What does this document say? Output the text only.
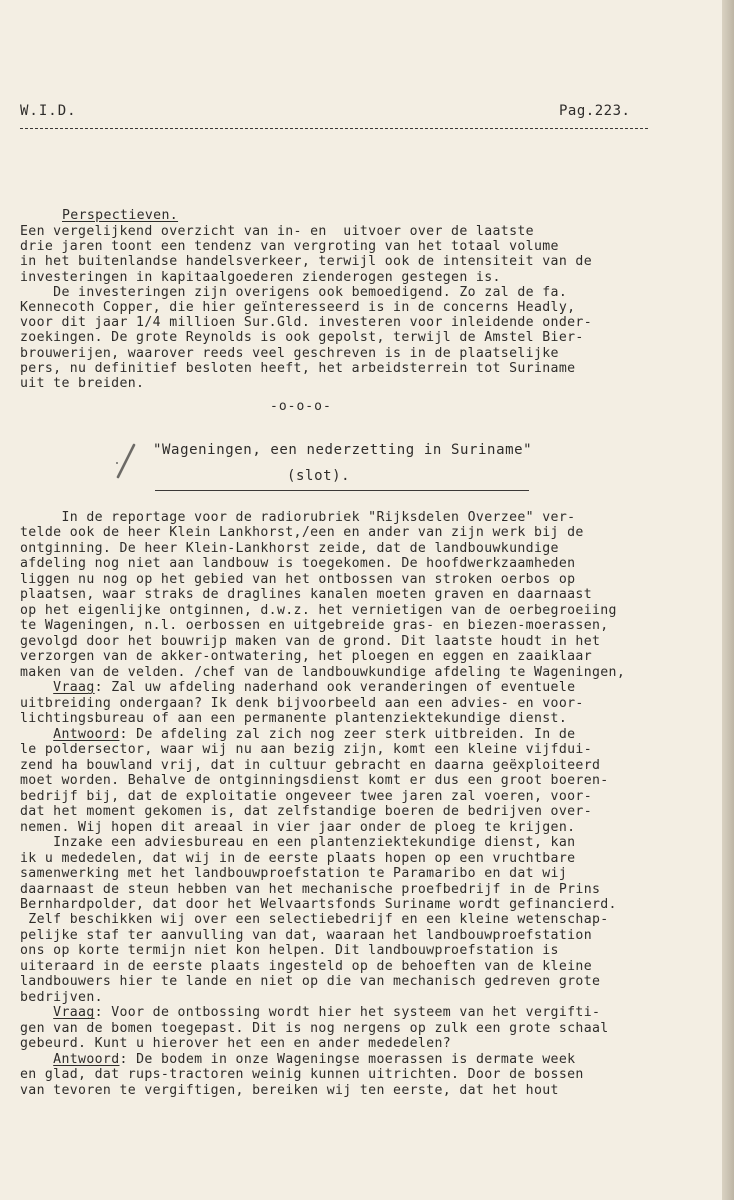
W.I.D.	Pag.223.
Perspectieven.
Een vergelijkend overzicht van in- en  uitvoer over de laatste
drie jaren toont een tendenz van vergroting van het totaal volume
in het buitenlandse handelsverkeer, terwijl ook de intensiteit van de
investeringen in kapitaalgoederen zienderogen gestegen is.
De investeringen zijn overigens ook bemoedigend. Zo zal de fa.
Kennecoth Copper, die hier geïnteresseerd is in de concerns Headly,
voor dit jaar 1/4 millioen Sur.Gld. investeren voor inleidende onder-
zoekingen. De grote Reynolds is ook gepolst, terwijl de Amstel Bier-
brouwerijen, waarover reeds veel geschreven is in de plaatselijke
pers, nu definitief besloten heeft, het arbeidsterrein tot Suriname
uit te breiden.
-o-o-o-
"Wageningen, een nederzetting in Suriname"
(slot).
In de reportage voor de radiorubriek "Rijksdelen Overzee" ver-
telde ook de heer Klein Lankhorst,/een en ander van zijn werk bij de
ontginning. De heer Klein-Lankhorst zeide, dat de landbouwkundige
afdeling nog niet aan landbouw is toegekomen. De hoofdwerkzaamheden
liggen nu nog op het gebied van het ontbossen van stroken oerbos op
plaatsen, waar straks de draglines kanalen moeten graven en daarnaast
op het eigenlijke ontginnen, d.w.z. het vernietigen van de oerbegroeiing
te Wageningen, n.l. oerbossen en uitgebreide gras- en biezen-moerassen,
gevolgd door het bouwrijp maken van de grond. Dit laatste houdt in het
verzorgen van de akker-ontwatering, het ploegen en eggen en zaaiklaar
maken van de velden. /chef van de landbouwkundige afdeling te Wageningen,
Vraag: Zal uw afdeling naderhand ook veranderingen of eventuele
uitbreiding ondergaan? Ik denk bijvoorbeeld aan een advies- en voor-
lichtingsbureau of aan een permanente plantenziektekundige dienst.
Antwoord: De afdeling zal zich nog zeer sterk uitbreiden. In de
le poldersector, waar wij nu aan bezig zijn, komt een kleine vijfdui-
zend ha bouwland vrij, dat in cultuur gebracht en daarna geëxploiteerd
moet worden. Behalve de ontginningsdienst komt er dus een groot boeren-
bedrijf bij, dat de exploitatie ongeveer twee jaren zal voeren, voor-
dat het moment gekomen is, dat zelfstandige boeren de bedrijven over-
nemen. Wij hopen dit areaal in vier jaar onder de ploeg te krijgen.
Inzake een adviesbureau en een plantenziektekundige dienst, kan
ik u mededelen, dat wij in de eerste plaats hopen op een vruchtbare
samenwerking met het landbouwproefstation te Paramaribo en dat wij
daarnaast de steun hebben van het mechanische proefbedrijf in de Prins
Bernhardpolder, dat door het Welvaartsfonds Suriname wordt gefinancierd.
Zelf beschikken wij over een selectiebedrijf en een kleine wetenschap-
pelijke staf ter aanvulling van dat, waaraan het landbouwproefstation
ons op korte termijn niet kon helpen. Dit landbouwproefstation is
uiteraard in de eerste plaats ingesteld op de behoeften van de kleine
landbouwers hier te lande en niet op die van mechanisch gedreven grote
bedrijven.
Vraag: Voor de ontbossing wordt hier het systeem van het vergifti-
gen van de bomen toegepast. Dit is nog nergens op zulk een grote schaal
gebeurd. Kunt u hierover het een en ander mededelen?
Antwoord: De bodem in onze Wageningse moerassen is dermate week
en glad, dat rups-tractoren weinig kunnen uitrichten. Door de bossen
van tevoren te vergiftigen, bereiken wij ten eerste, dat het hout
